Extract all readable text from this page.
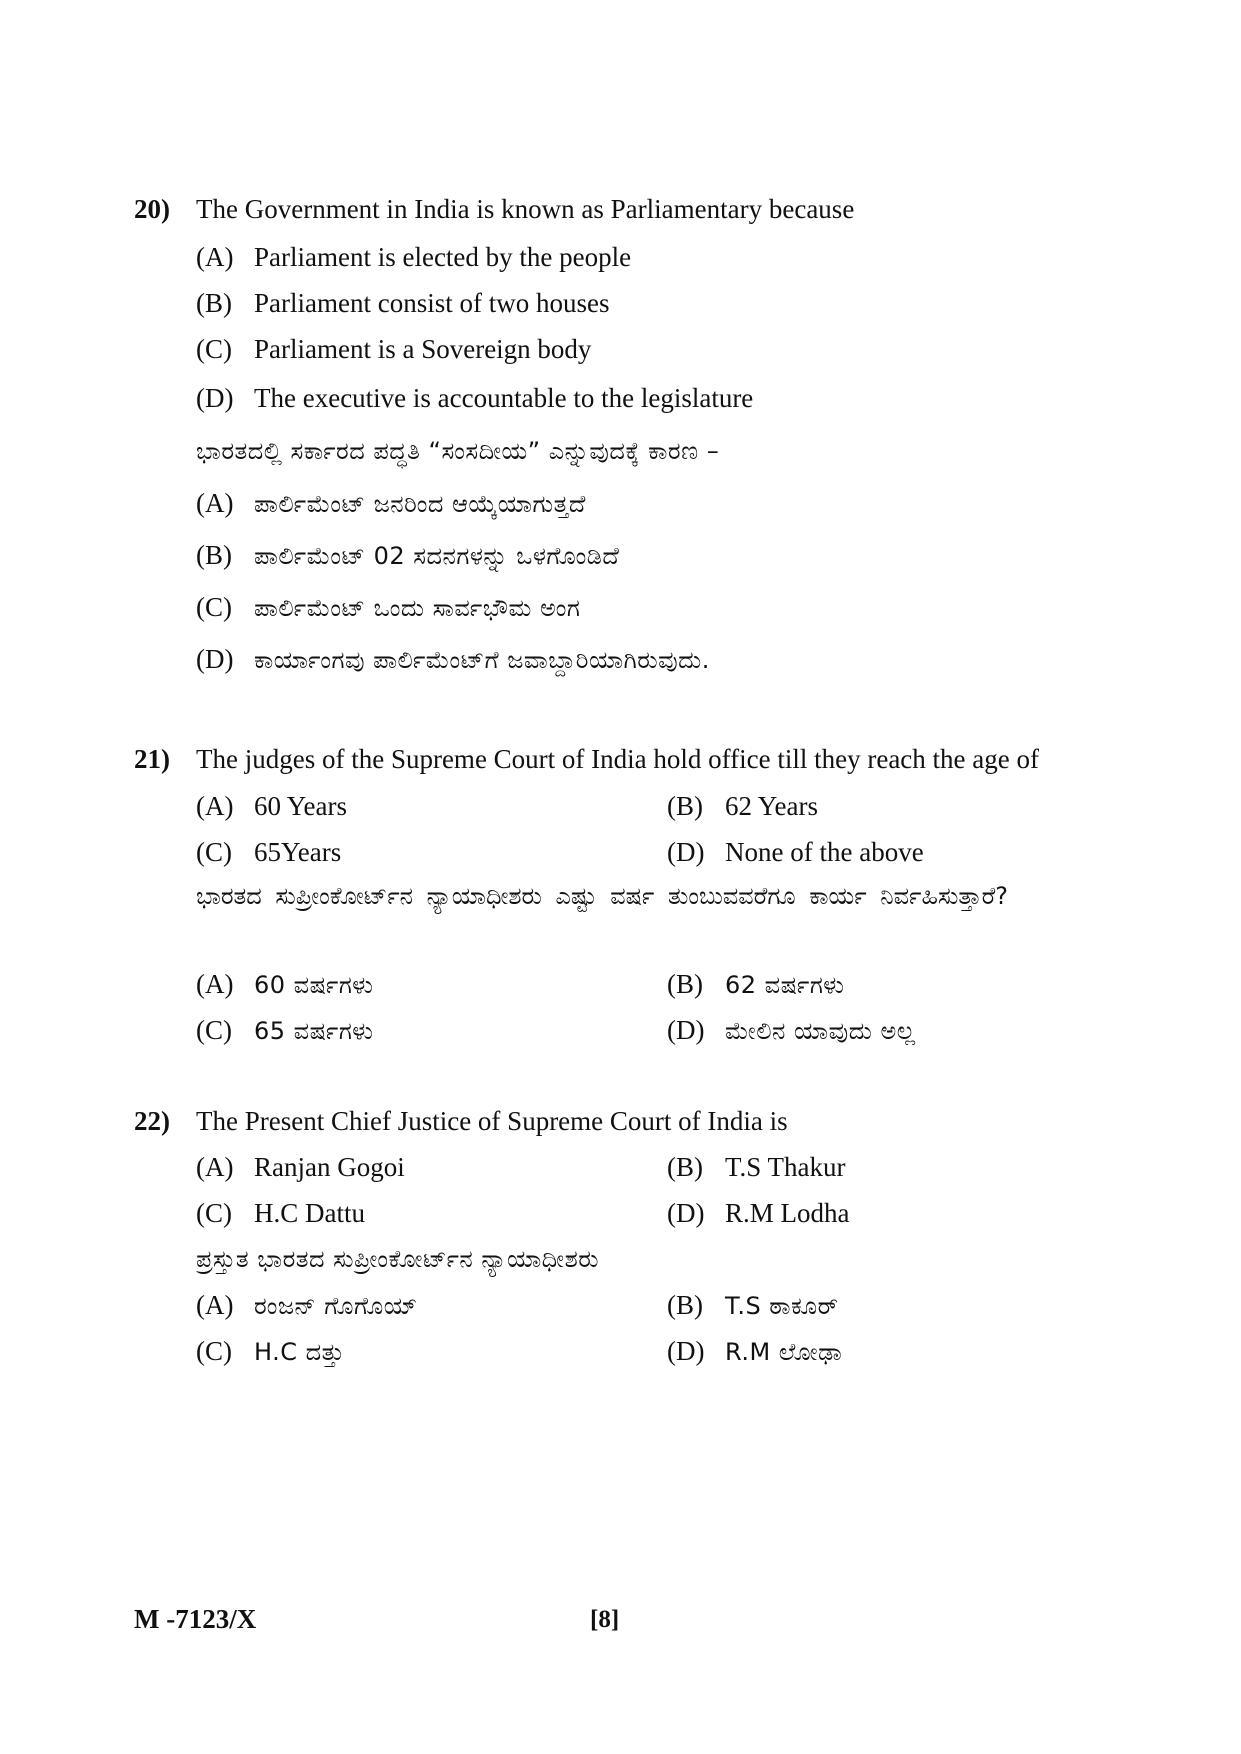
20) The Government in India is known as Parliamentary because
(A) Parliament is elected by the people
(B) Parliament consist of two houses
(C) Parliament is a Sovereign body
(D) The executive is accountable to the legislature
ಭಾರತದಲ್ಲಿ ಸರ್ಕಾರದ ಪದ್ಧತಿ “ಸಂಸದೀಯ” ಎನ್ನುವುದಕ್ಕೆ ಕಾರಣ –
(A) ಪಾರ್ಲಿಮೆಂಟ್ ಜನರಿಂದ ಆಯ್ಕೆಯಾಗುತ್ತದೆ
(B) ಪಾರ್ಲಿಮೆಂಟ್ 02 ಸದನಗಳನ್ನು ಒಳಗೊಂಡಿದೆ
(C) ಪಾರ್ಲಿಮೆಂಟ್ ಒಂದು ಸಾರ್ವಭೌಮ ಅಂಗ
(D) ಕಾರ್ಯಾಂಗವು ಪಾರ್ಲಿಮೆಂಟ್‌ಗೆ ಜವಾಬ್ದಾರಿಯಾಗಿರುವುದು.
21) The judges of the Supreme Court of India hold office till they reach the age of
(A) 60 Years	(B) 62 Years
(C) 65Years	(D) None of the above
ಭಾರತದ ಸುಪ್ರೀಂಕೋರ್ಟ್‌ನ ನ್ಯಾಯಾಧೀಶರು ಎಷ್ಟು ವರ್ಷ ತುಂಬುವವರೆಗೂ ಕಾರ್ಯ ನಿರ್ವಹಿಸುತ್ತಾರೆ?
(A) 60 ವರ್ಷಗಳು	(B) 62 ವರ್ಷಗಳು
(C) 65 ವರ್ಷಗಳು	(D) ಮೇಲಿನ ಯಾವುದು ಅಲ್ಲ
22) The Present Chief Justice of Supreme Court of India is
(A) Ranjan Gogoi	(B) T.S Thakur
(C) H.C Dattu	(D) R.M Lodha
ಪ್ರಸ್ತುತ ಭಾರತದ ಸುಪ್ರೀಂಕೋರ್ಟ್‌ನ ನ್ಯಾಯಾಧೀಶರು
(A) ರಂಜನ್ ಗೊಗೊಯ್	(B) T.S ಠಾಕೂರ್
(C) H.C ದತ್ತು	(D) R.M ಲೋಢಾ
M -7123/X	[8]
